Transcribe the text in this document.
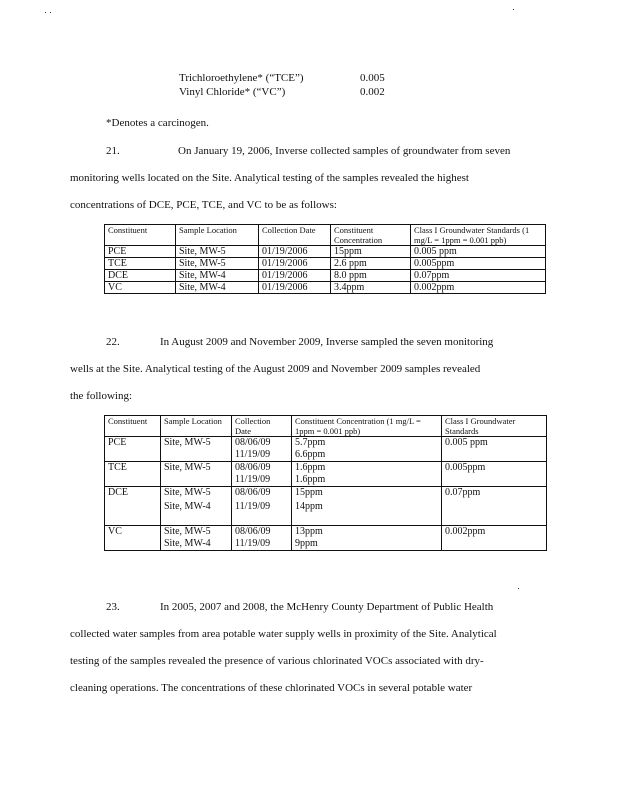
Trichloroethylene* (“TCE”)	0.005
Vinyl Chloride* (“VC”)	0.002
*Denotes a carcinogen.
21.	On January 19, 2006, Inverse collected samples of groundwater from seven
monitoring wells located on the Site. Analytical testing of the samples revealed the highest
concentrations of DCE, PCE, TCE, and VC to be as follows:
Constituent	Sample Location	Collection Date	Constituent Concentration	Class I Groundwater Standards (1 mg/L = 1ppm = 0.001 ppb)
PCE	Site, MW-5	01/19/2006	15ppm	0.005 ppm
TCE	Site, MW-5	01/19/2006	2.6 ppm	0.005ppm
DCE	Site, MW-4	01/19/2006	8.0 ppm	0.07ppm
VC	Site, MW-4	01/19/2006	3.4ppm	0.002ppm
22.	In August 2009 and November 2009, Inverse sampled the seven monitoring
wells at the Site. Analytical testing of the August 2009 and November 2009 samples revealed
the following:
Constituent	Sample Location	Collection Date	Constituent Concentration (1 mg/L = 1ppm = 0.001 ppb)	Class I Groundwater Standards
PCE	Site, MW-5	08/06/09	5.7ppm	0.005 ppm
		11/19/09	6.6ppm	
TCE	Site, MW-5	08/06/09	1.6ppm	0.005ppm
		11/19/09	1.6ppm	
DCE	Site, MW-5	08/06/09	15ppm	0.07ppm
	Site, MW-4	11/19/09	14ppm	
VC	Site, MW-5	08/06/09	13ppm	0.002ppm
	Site, MW-4	11/19/09	9ppm	
23.	In 2005, 2007 and 2008, the McHenry County Department of Public Health
collected water samples from area potable water supply wells in proximity of the Site. Analytical
testing of the samples revealed the presence of various chlorinated VOCs associated with dry-
cleaning operations. The concentrations of these chlorinated VOCs in several potable water
